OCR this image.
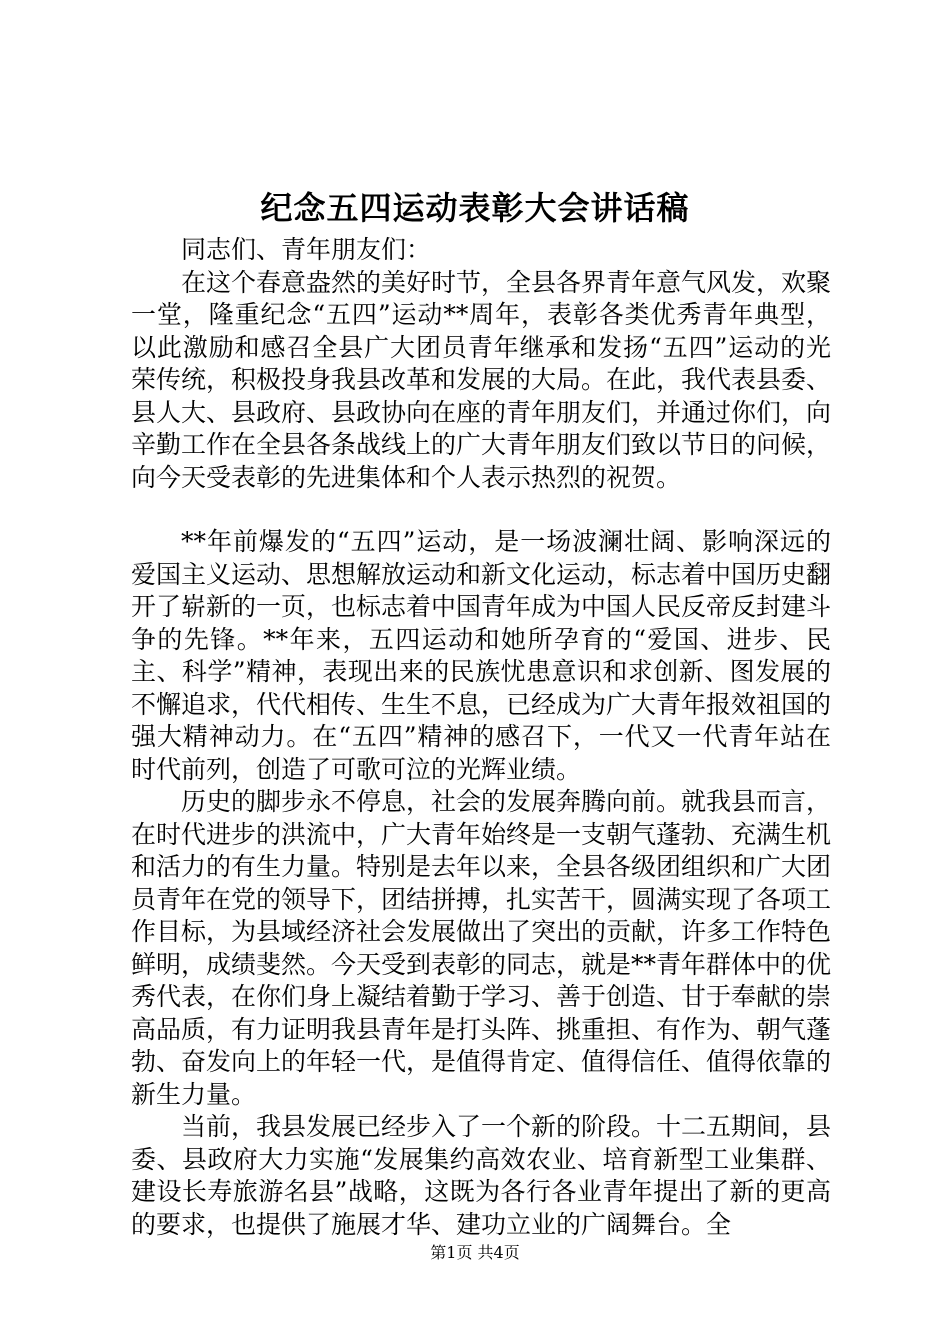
纪念五四运动表彰大会讲话稿

同志们、青年朋友们：

在这个春意盎然的美好时节，全县各界青年意气风发，欢聚一堂，隆重纪念“五四”运动**周年，表彰各类优秀青年典型，以此激励和感召全县广大团员青年继承和发扬“五四”运动的光荣传统，积极投身我县改革和发展的大局。在此，我代表县委、县人大、县政府、县政协向在座的青年朋友们，并通过你们，向辛勤工作在全县各条战线上的广大青年朋友们致以节日的问候，向今天受表彰的先进集体和个人表示热烈的祝贺。

**年前爆发的“五四”运动，是一场波澜壮阔、影响深远的爱国主义运动、思想解放运动和新文化运动，标志着中国历史翻开了崭新的一页，也标志着中国青年成为中国人民反帝反封建斗争的先锋。**年来，五四运动和她所孕育的“爱国、进步、民主、科学”精神，表现出来的民族忧患意识和求创新、图发展的不懈追求，代代相传、生生不息，已经成为广大青年报效祖国的强大精神动力。在“五四”精神的感召下，一代又一代青年站在时代前列，创造了可歌可泣的光辉业绩。

历史的脚步永不停息，社会的发展奔腾向前。就我县而言，在时代进步的洪流中，广大青年始终是一支朝气蓬勃、充满生机和活力的有生力量。特别是去年以来，全县各级团组织和广大团员青年在党的领导下，团结拼搏，扎实苦干，圆满实现了各项工作目标，为县域经济社会发展做出了突出的贡献，许多工作特色鲜明，成绩斐然。今天受到表彰的同志，就是**青年群体中的优秀代表，在你们身上凝结着勤于学习、善于创造、甘于奉献的崇高品质，有力证明我县青年是打头阵、挑重担、有作为、朝气蓬勃、奋发向上的年轻一代，是值得肯定、值得信任、值得依靠的新生力量。

当前，我县发展已经步入了一个新的阶段。十二五期间，县委、县政府大力实施“发展集约高效农业、培育新型工业集群、建设长寿旅游名县”战略，这既为各行各业青年提出了新的更高的要求，也提供了施展才华、建功立业的广阔舞台。全

第1页 共4页
